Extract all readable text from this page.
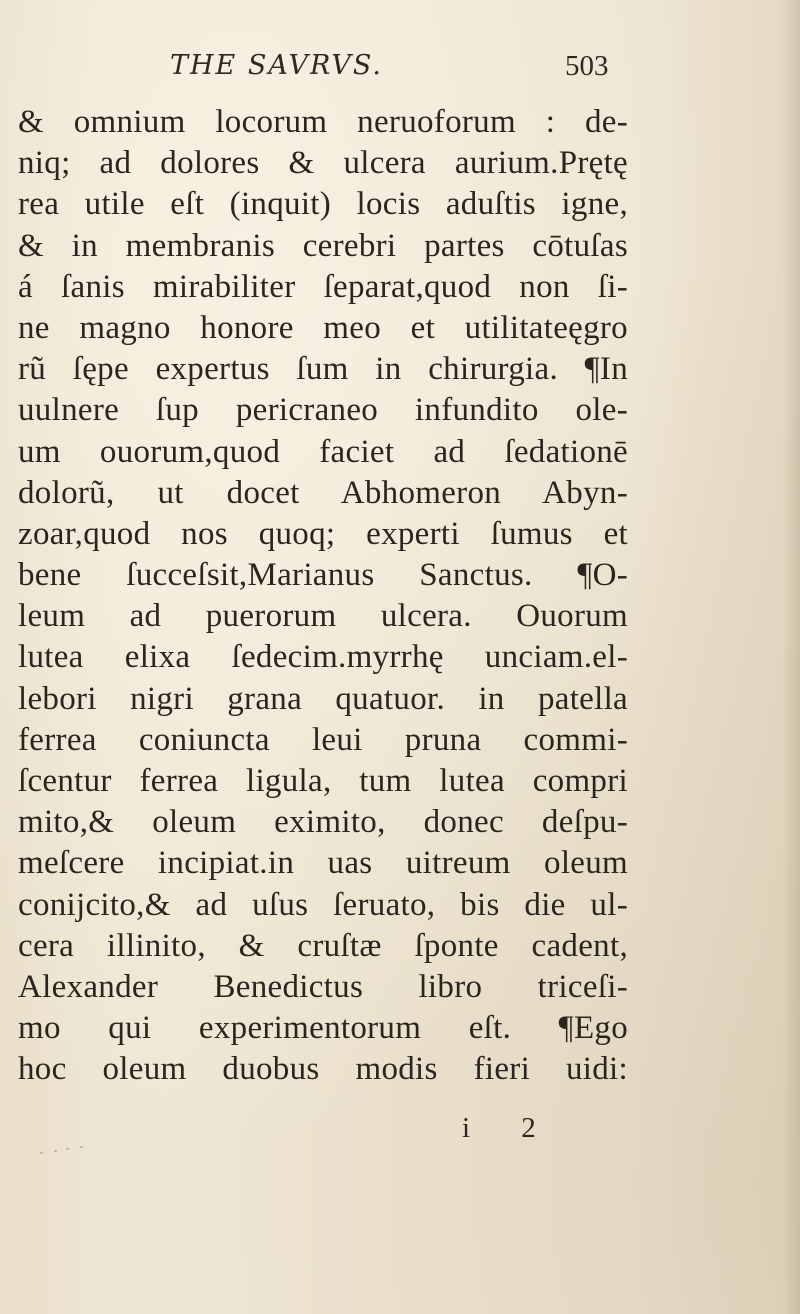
THE SAVRVS.	503
& omnium locorum neruoforum : de-
niq; ad dolores & ulcera aurium.Prętę
rea utile eſt (inquit) locis aduſtis igne,
& in membranis cerebri partes cōtuſas
á ſanis mirabiliter ſeparat,quod non ſi-
ne magno honore meo et utilitateęgro
rũ ſępe expertus ſum in chirurgia. ¶In
uulnere ſup pericraneo infundito ole-
um ouorum,quod faciet ad ſedationē
dolorũ, ut docet Abhomeron Abyn-
zoar,quod nos quoq; experti ſumus et
bene ſucceſsit,Marianus Sanctus. ¶O-
leum ad puerorum ulcera. Ouorum
lutea elixa ſedecim.myrrhę unciam.el-
lebori nigri grana quatuor. in patella
ferrea coniuncta leui pruna commi-
ſcentur ferrea ligula, tum lutea compri
mito,& oleum eximito, donec deſpu-
meſcere incipiat.in uas uitreum oleum
conijcito,& ad uſus ſeruato, bis die ul-
cera illinito, & cruſtæ ſponte cadent,
Alexander Benedictus libro triceſi-
mo qui experimentorum eſt. ¶Ego
hoc oleum duobus modis fieri uidi:
i 2
